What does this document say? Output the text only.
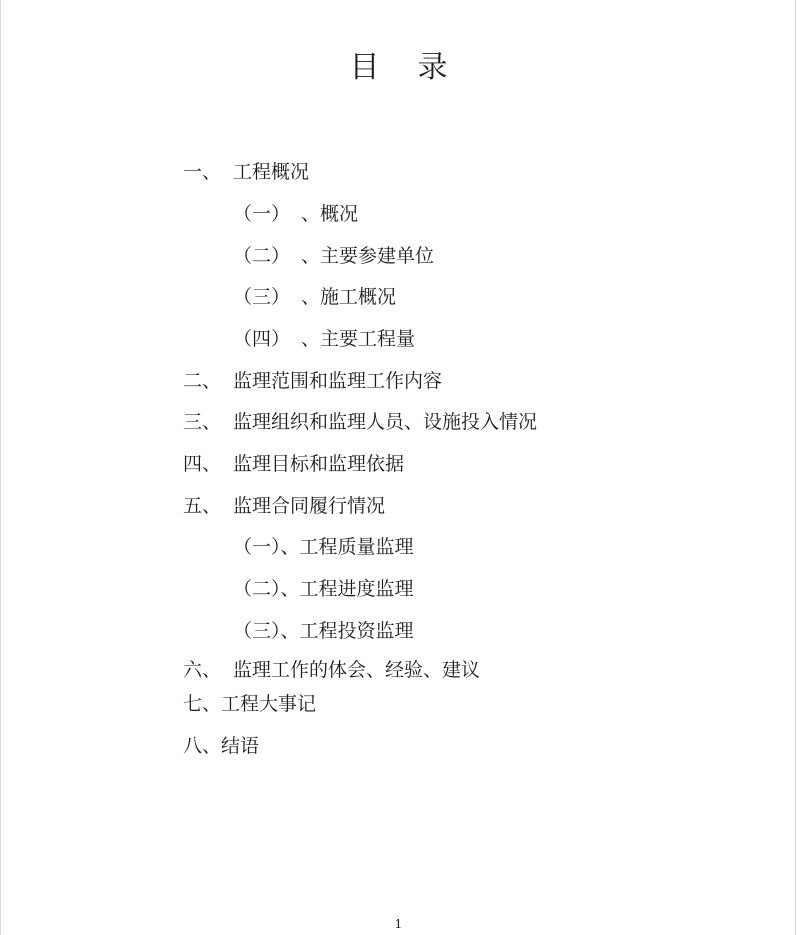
目 录
一、 工程概况
（一） 、概况
（二） 、主要参建单位
（三） 、施工概况
（四） 、主要工程量
二、 监理范围和监理工作内容
三、 监理组织和监理人员、设施投入情况
四、 监理目标和监理依据
五、 监理合同履行情况
（一）、工程质量监理
（二）、工程进度监理
（三）、工程投资监理
六、 监理工作的体会、经验、建议
七、工程大事记
八、结语
1
